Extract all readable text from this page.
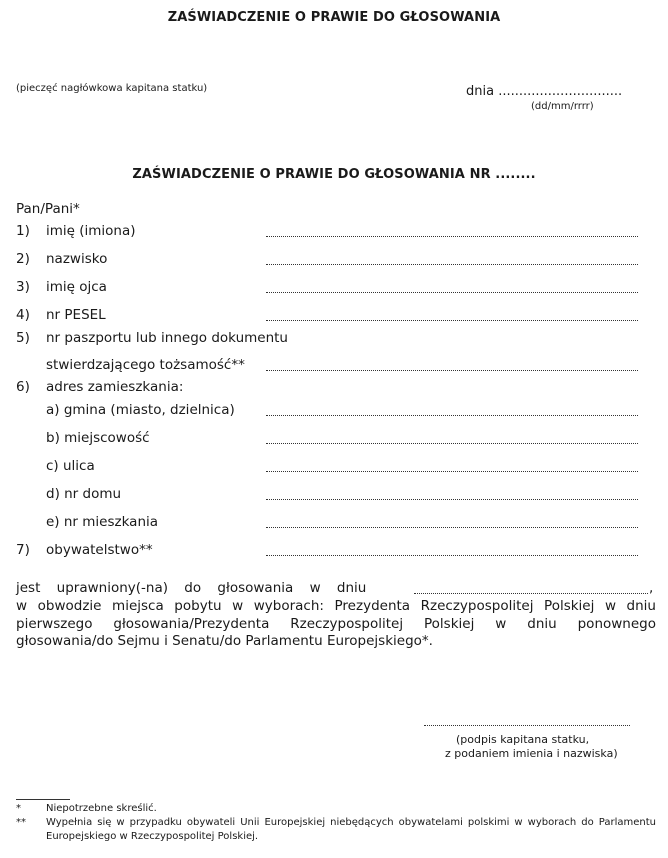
ZAŚWIADCZENIE O PRAWIE DO GŁOSOWANIA
(pieczęć nagłówkowa kapitana statku)	dnia ..............................
(dd/mm/rrrr)
ZAŚWIADCZENIE O PRAWIE DO GŁOSOWANIA NR ........
Pan/Pani*
1) imię (imiona)
2) nazwisko
3) imię ojca
4) nr PESEL
5) nr paszportu lub innego dokumentu
stwierdzającego tożsamość**
6) adres zamieszkania:
a) gmina (miasto, dzielnica)
b) miejscowość
c) ulica
d) nr domu
e) nr mieszkania
7) obywatelstwo**
jest uprawniony(-na) do głosowania w dniu	,
w obwodzie miejsca pobytu w wyborach: Prezydenta Rzeczypospolitej Polskiej w dniu pierwszego głosowania/Prezydenta Rzeczypospolitej Polskiej w dniu ponownego głosowania/do Sejmu i Senatu/do Parlamentu Europejskiego*.
(podpis kapitana statku,
z podaniem imienia i nazwiska)
*	Niepotrzebne skreślić.
** Wypełnia się w przypadku obywateli Unii Europejskiej niebędących obywatelami polskimi w wyborach do Parlamentu Europejskiego w Rzeczypospolitej Polskiej.
